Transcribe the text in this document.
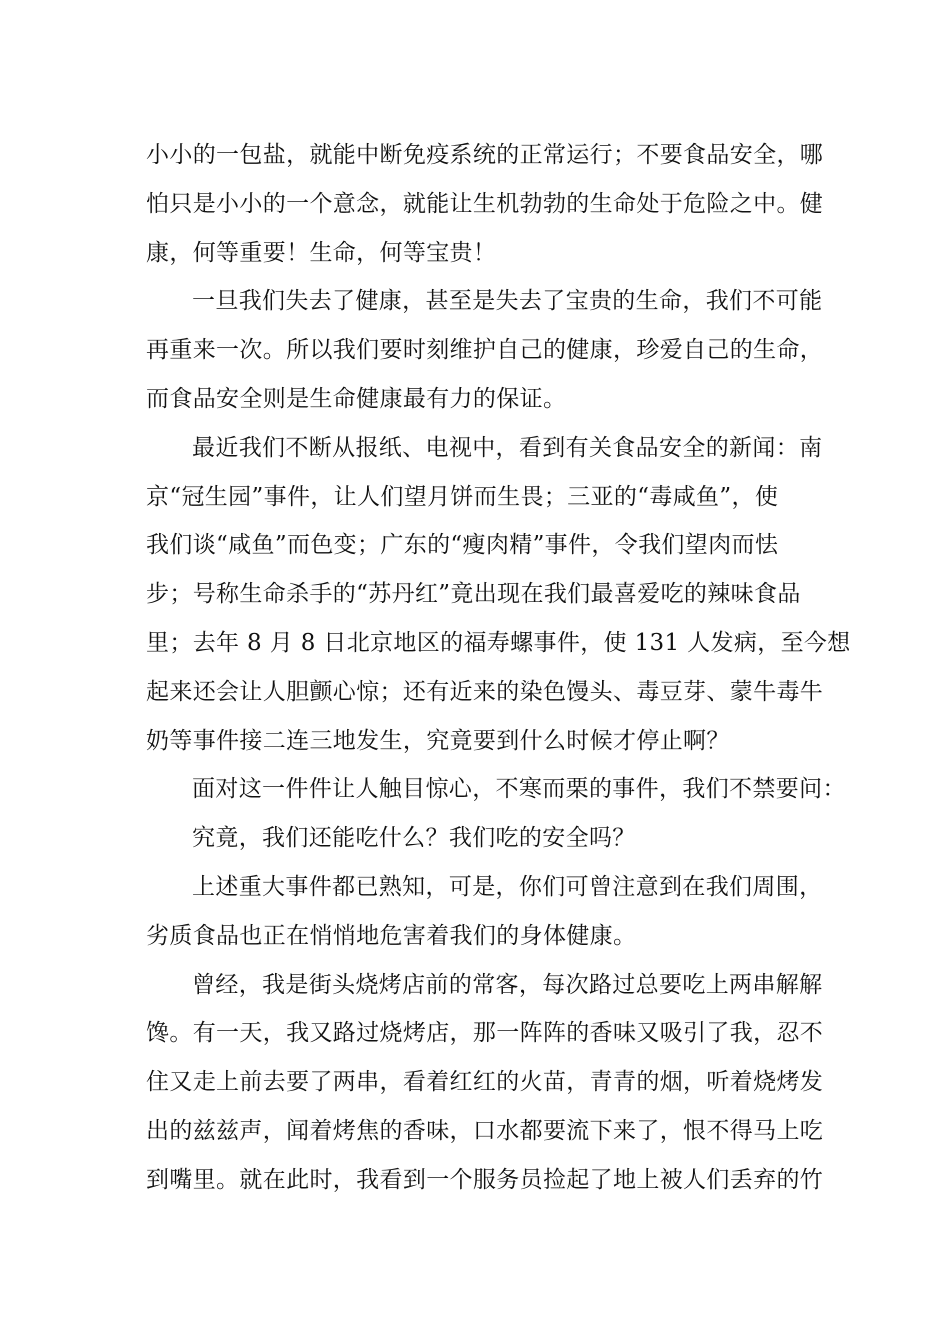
小小的一包盐，就能中断免疫系统的正常运行；不要食品安全，哪
怕只是小小的一个意念，就能让生机勃勃的生命处于危险之中。健
康，何等重要！生命，何等宝贵！

一旦我们失去了健康，甚至是失去了宝贵的生命，我们不可能
再重来一次。所以我们要时刻维护自己的健康，珍爱自己的生命，
而食品安全则是生命健康最有力的保证。

最近我们不断从报纸、电视中，看到有关食品安全的新闻：南
京“冠生园”事件，让人们望月饼而生畏；三亚的“毒咸鱼”，使
我们谈“咸鱼”而色变；广东的“瘦肉精”事件，令我们望肉而怯
步；号称生命杀手的“苏丹红”竟出现在我们最喜爱吃的辣味食品
里；去年 8 月 8 日北京地区的福寿螺事件，使 131 人发病，至今想
起来还会让人胆颤心惊；还有近来的染色馒头、毒豆芽、蒙牛毒牛
奶等事件接二连三地发生，究竟要到什么时候才停止啊？

面对这一件件让人触目惊心，不寒而栗的事件，我们不禁要问：

究竟，我们还能吃什么？我们吃的安全吗？

上述重大事件都已熟知，可是，你们可曾注意到在我们周围，
劣质食品也正在悄悄地危害着我们的身体健康。

曾经，我是街头烧烤店前的常客，每次路过总要吃上两串解解
馋。有一天，我又路过烧烤店，那一阵阵的香味又吸引了我，忍不
住又走上前去要了两串，看着红红的火苗，青青的烟，听着烧烤发
出的兹兹声，闻着烤焦的香味，口水都要流下来了，恨不得马上吃
到嘴里。就在此时，我看到一个服务员捡起了地上被人们丢弃的竹
